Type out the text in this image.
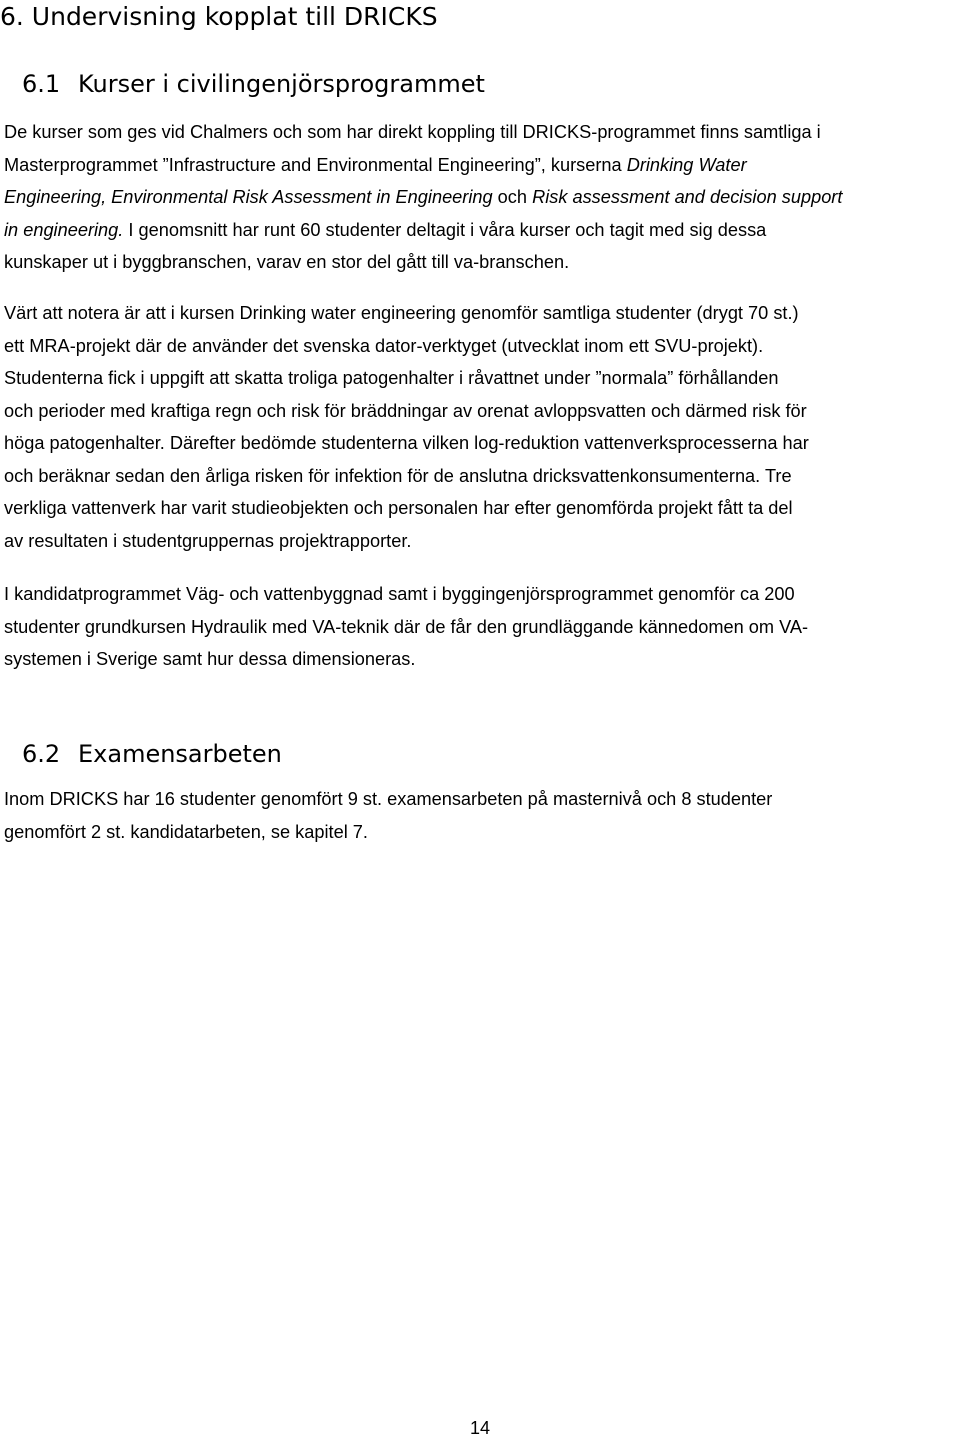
6. Undervisning kopplat till DRICKS
6.1 Kurser i civilingenjörsprogrammet
De kurser som ges vid Chalmers och som har direkt koppling till DRICKS-programmet finns samtliga i
Masterprogrammet ”Infrastructure and Environmental Engineering”, kurserna Drinking Water
Engineering, Environmental Risk Assessment in Engineering och Risk assessment and decision support
in engineering. I genomsnitt har runt 60 studenter deltagit i våra kurser och tagit med sig dessa
kunskaper ut i byggbranschen, varav en stor del gått till va-branschen.
Värt att notera är att i kursen Drinking water engineering genomför samtliga studenter (drygt 70 st.)
ett MRA-projekt där de använder det svenska dator-verktyget (utvecklat inom ett SVU-projekt).
Studenterna fick i uppgift att skatta troliga patogenhalter i råvattnet under ”normala” förhållanden
och perioder med kraftiga regn och risk för bräddningar av orenat avloppsvatten och därmed risk för
höga patogenhalter. Därefter bedömde studenterna vilken log-reduktion vattenverksprocesserna har
och beräknar sedan den årliga risken för infektion för de anslutna dricksvattenkonsumenterna. Tre
verkliga vattenverk har varit studieobjekten och personalen har efter genomförda projekt fått ta del
av resultaten i studentgruppernas projektrapporter.
I kandidatprogrammet Väg- och vattenbyggnad samt i byggingenjörsprogrammet genomför ca 200
studenter grundkursen Hydraulik med VA-teknik där de får den grundläggande kännedomen om VA-
systemen i Sverige samt hur dessa dimensioneras.
6.2 Examensarbeten
Inom DRICKS har 16 studenter genomfört 9 st. examensarbeten på masternivå och 8 studenter
genomfört 2 st. kandidatarbeten, se kapitel 7.
14
